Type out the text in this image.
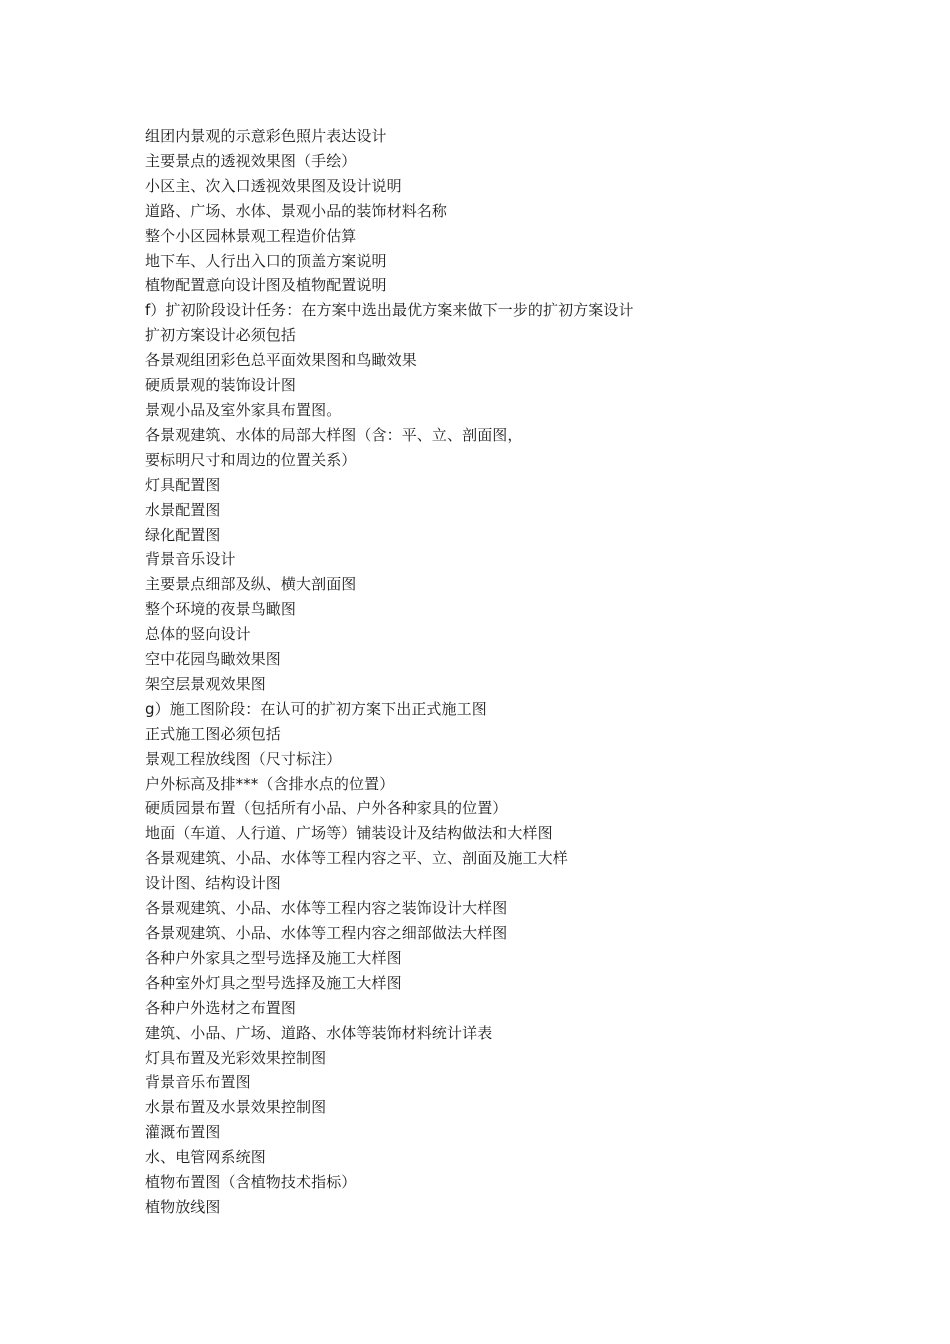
组团内景观的示意彩色照片表达设计
主要景点的透视效果图（手绘）
小区主、次入口透视效果图及设计说明
道路、广场、水体、景观小品的装饰材料名称
整个小区园林景观工程造价估算
地下车、人行出入口的顶盖方案说明
植物配置意向设计图及植物配置说明
f）扩初阶段设计任务：在方案中选出最优方案来做下一步的扩初方案设计
扩初方案设计必须包括
各景观组团彩色总平面效果图和鸟瞰效果
硬质景观的装饰设计图
景观小品及室外家具布置图。
各景观建筑、水体的局部大样图（含：平、立、剖面图，
要标明尺寸和周边的位置关系）
灯具配置图
水景配置图
绿化配置图
背景音乐设计
主要景点细部及纵、横大剖面图
整个环境的夜景鸟瞰图
总体的竖向设计
空中花园鸟瞰效果图
架空层景观效果图
g）施工图阶段：在认可的扩初方案下出正式施工图
正式施工图必须包括
景观工程放线图（尺寸标注）
户外标高及排***（含排水点的位置）
硬质园景布置（包括所有小品、户外各种家具的位置）
地面（车道、人行道、广场等）铺装设计及结构做法和大样图
各景观建筑、小品、水体等工程内容之平、立、剖面及施工大样
设计图、结构设计图
各景观建筑、小品、水体等工程内容之装饰设计大样图
各景观建筑、小品、水体等工程内容之细部做法大样图
各种户外家具之型号选择及施工大样图
各种室外灯具之型号选择及施工大样图
各种户外选材之布置图
建筑、小品、广场、道路、水体等装饰材料统计详表
灯具布置及光彩效果控制图
背景音乐布置图
水景布置及水景效果控制图
灌溉布置图
水、电管网系统图
植物布置图（含植物技术指标）
植物放线图
